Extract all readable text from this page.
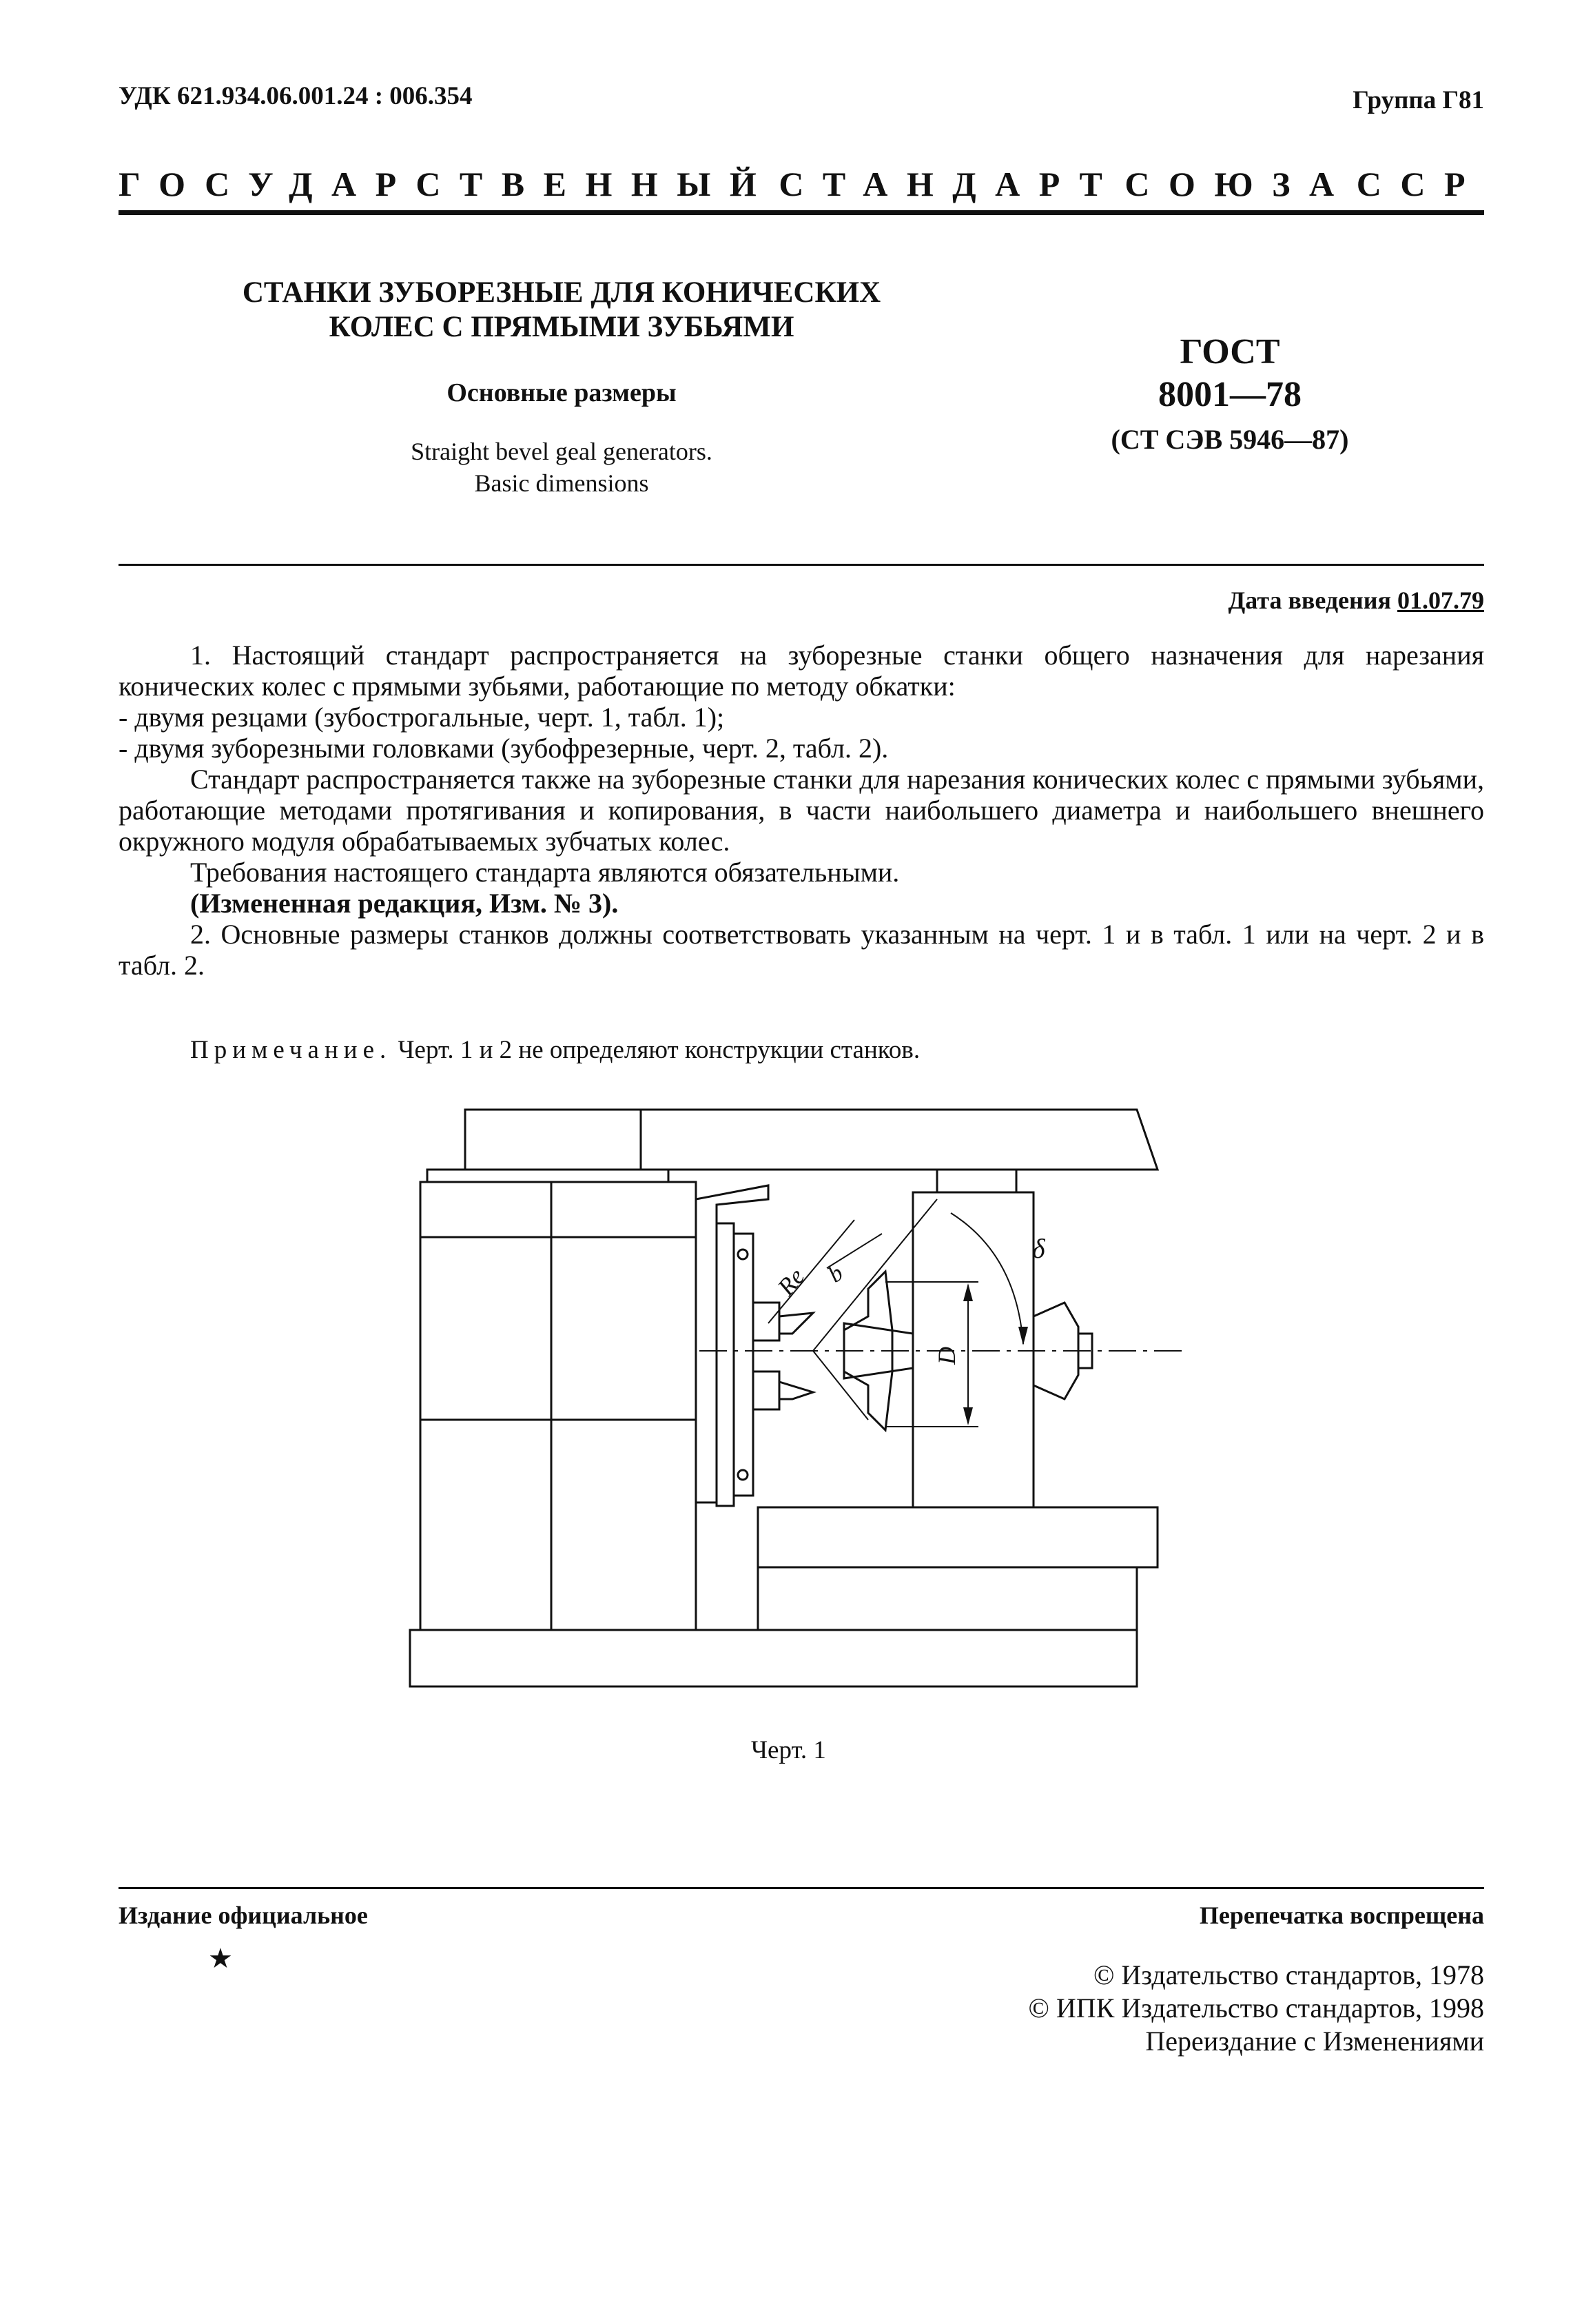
УДК 621.934.06.001.24 : 006.354	Группа Г81
ГОСУДАРСТВЕННЫЙ СТАНДАРТ СОЮЗА ССР
СТАНКИ ЗУБОРЕЗНЫЕ ДЛЯ КОНИЧЕСКИХ
КОЛЕС С ПРЯМЫМИ ЗУБЬЯМИ
Основные размеры
Straight bevel geal generators.
Basic dimensions
ГОСТ
8001—78
(СТ СЭВ 5946—87)
Дата введения 01.07.79

1. Настоящий стандарт распространяется на зуборезные станки общего назначения для нарезания конических колес с прямыми зубьями, работающие по методу обкатки:

- двумя резцами (зубострогальные, черт. 1, табл. 1);

- двумя зуборезными головками (зубофрезерные, черт. 2, табл. 2).

Стандарт распространяется также на зуборезные станки для нарезания конических колес с прямыми зубьями, работающие методами протягивания и копирования, в части наибольшего диаметра и наибольшего внешнего окружного модуля обрабатываемых зубчатых колес.

Требования настоящего стандарта являются обязательными.

(Измененная редакция, Изм. № 3).

2. Основные размеры станков должны соответствовать указанным на черт. 1 и в табл. 1 или на черт. 2 и в табл. 2.

Примечание. Черт. 1 и 2 не определяют конструкции станков.
Re b
D
δ
Черт. 1
Издание официальное
★
Перепечатка воспрещена
© Издательство стандартов, 1978
© ИПК Издательство стандартов, 1998
Переиздание с Изменениями
